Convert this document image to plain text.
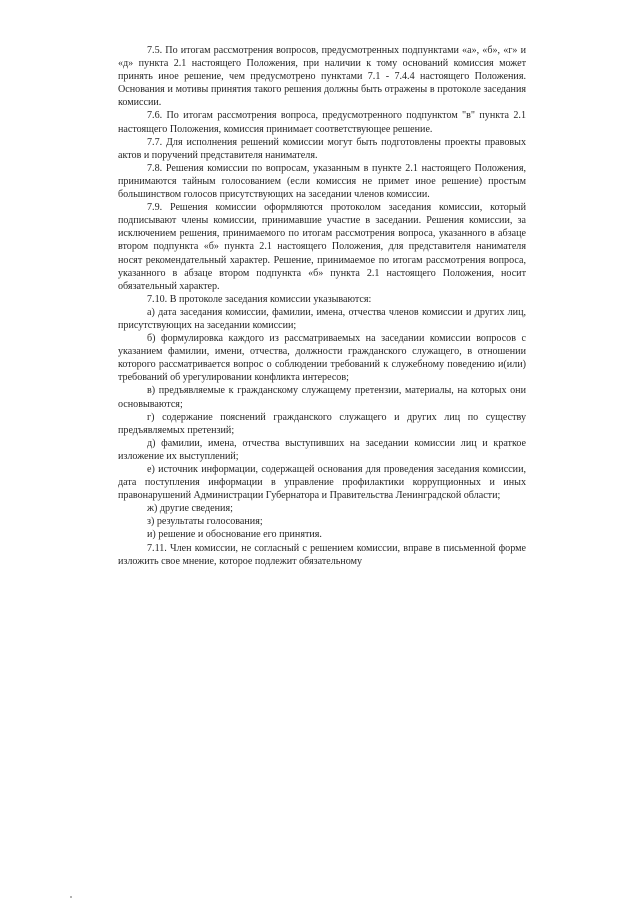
7.5. По итогам рассмотрения вопросов, предусмотренных подпунктами «а», «б», «г» и «д» пункта 2.1 настоящего Положения, при наличии к тому оснований комиссия может принять иное решение, чем предусмотрено пунктами 7.1 - 7.4.4 настоящего Положения. Основания и мотивы принятия такого решения должны быть отражены в протоколе заседания комиссии.

7.6. По итогам рассмотрения вопроса, предусмотренного подпунктом "в" пункта 2.1 настоящего Положения, комиссия принимает соответствующее решение.

7.7. Для исполнения решений комиссии могут быть подготовлены проекты правовых актов и поручений представителя нанимателя.

7.8. Решения комиссии по вопросам, указанным в пункте 2.1 настоящего Положения, принимаются тайным голосованием (если комиссия не примет иное решение) простым большинством голосов присутствующих на заседании членов комиссии.

7.9. Решения комиссии оформляются протоколом заседания комиссии, который подписывают члены комиссии, принимавшие участие в заседании. Решения комиссии, за исключением решения, принимаемого по итогам рассмотрения вопроса, указанного в абзаце втором подпункта «б» пункта 2.1 настоящего Положения, для представителя нанимателя носят рекомендательный характер. Решение, принимаемое по итогам рассмотрения вопроса, указанного в абзаце втором подпункта «б» пункта 2.1 настоящего Положения, носит обязательный характер.

7.10. В протоколе заседания комиссии указываются:

а) дата заседания комиссии, фамилии, имена, отчества членов комиссии и других лиц, присутствующих на заседании комиссии;

б) формулировка каждого из рассматриваемых на заседании комиссии вопросов с указанием фамилии, имени, отчества, должности гражданского служащего, в отношении которого рассматривается вопрос о соблюдении требований к служебному поведению и(или) требований об урегулировании конфликта интересов;

в) предъявляемые к гражданскому служащему претензии, материалы, на которых они основываются;

г) содержание пояснений гражданского служащего и других лиц по существу предъявляемых претензий;

д) фамилии, имена, отчества выступивших на заседании комиссии лиц и краткое изложение их выступлений;

е) источник информации, содержащей основания для проведения заседания комиссии, дата поступления информации в управление профилактики коррупционных и иных правонарушений Администрации Губернатора и Правительства Ленинградской области;

ж) другие сведения;

з) результаты голосования;

и) решение и обоснование его принятия.

7.11. Член комиссии, не согласный с решением комиссии, вправе в письменной форме изложить свое мнение, которое подлежит обязательному
